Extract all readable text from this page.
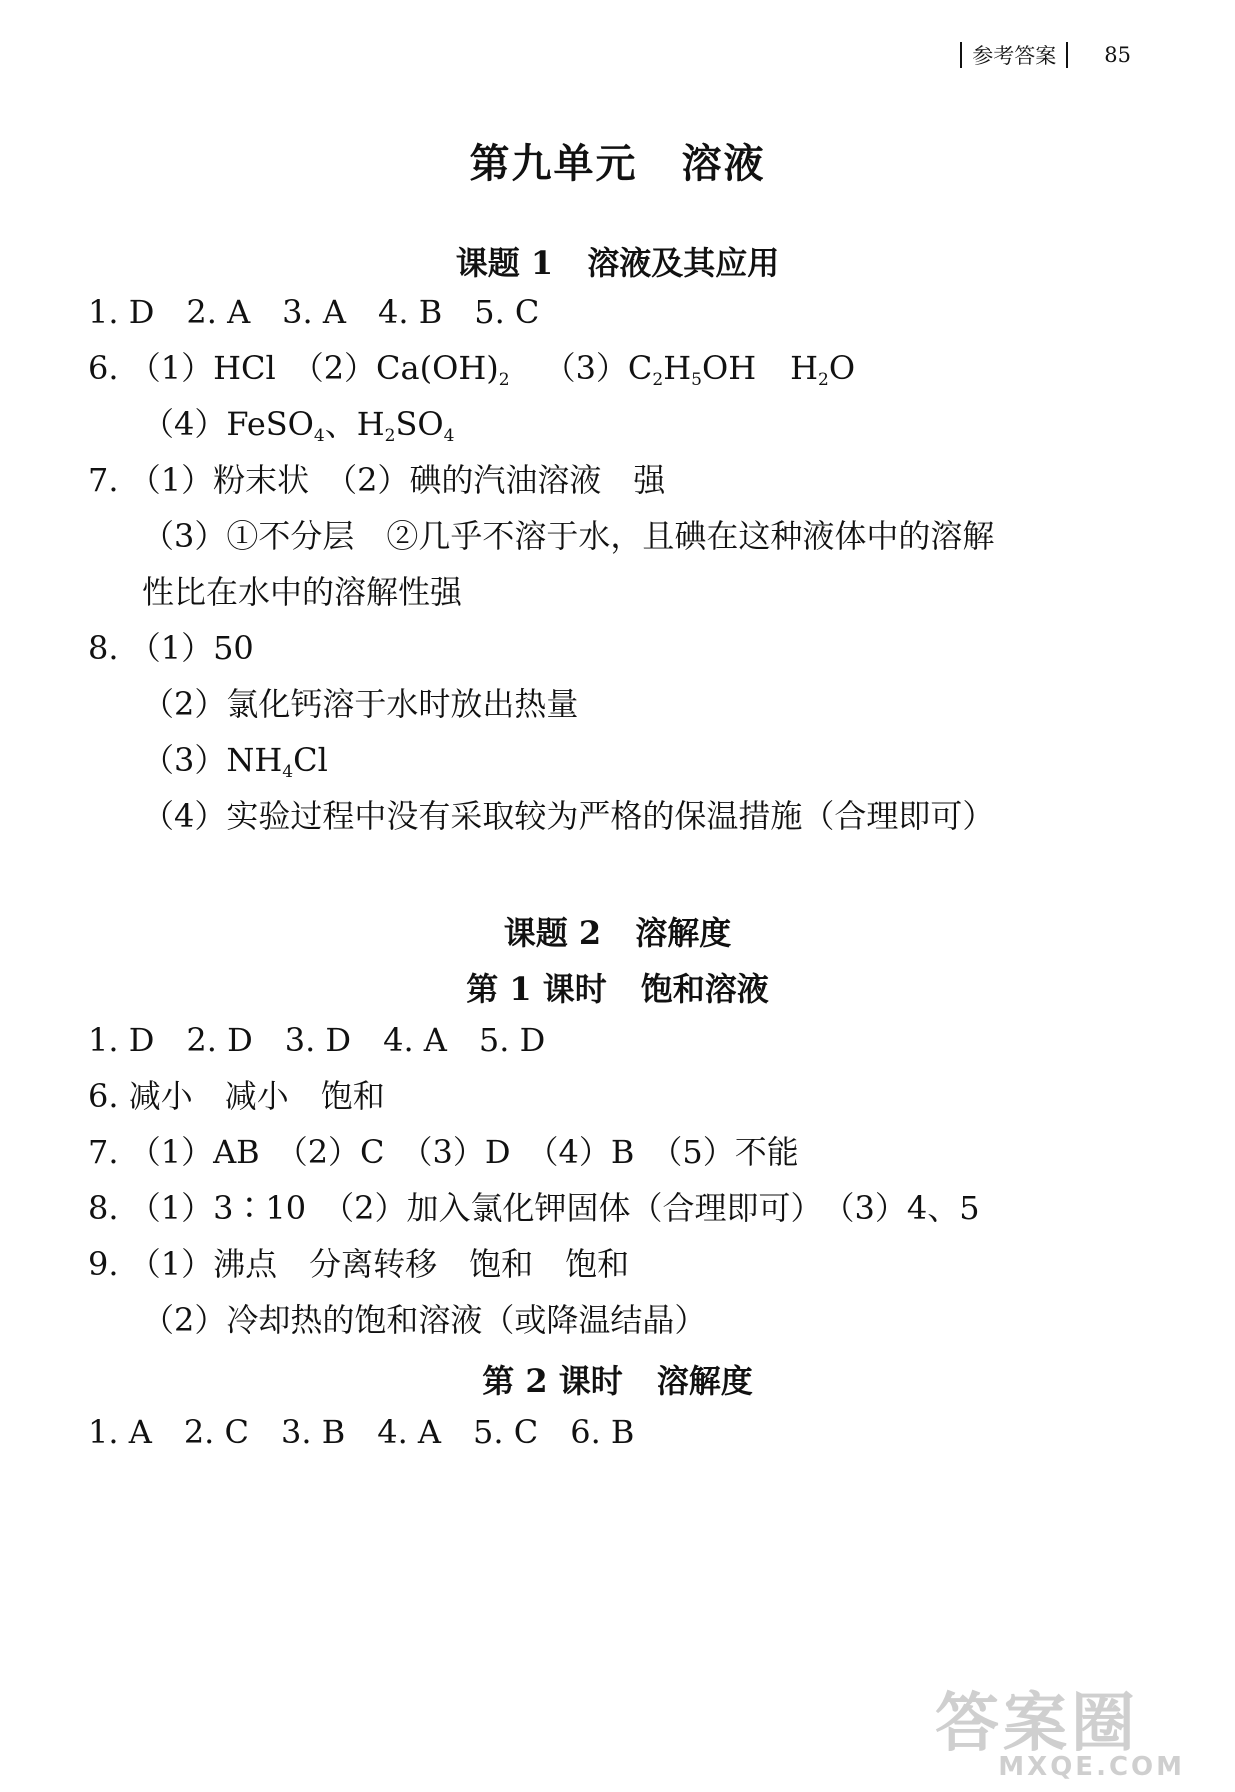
参考答案 85
第九单元 溶液
课题 1 溶液及其应用
1. D　2. A　3. A　4. B　5. C
6. （1）HCl　$(2)Ca(OH)_2$ $(3)C_2H_5OH$ $H_2O$
（4）FeSO$_4$、$H_2SO_4$
7. （1）粉末状　（2）碘的汽油溶液　强
（3）①不分层　②几乎不溶于水，且碘在这种液体中的溶解
性比在水中的溶解性强
8. （1）50
（2）氯化钙溶于水时放出热量
$(3)NH_4Cl$
（4）实验过程中没有采取较为严格的保温措施（合理即可）
课题 2 溶解度
第 1 课时 饱和溶液
1. D　2. D　3. D　4. A　5. D
6. 减小　减小　饱和
7. （1）AB　（2）C　（3）D　（4）B　（5）不能
8. （1）3∶10　（2）加入氯化钾固体（合理即可）　（3）4、5
9. （1）沸点　分离转移　饱和　饱和
（2）冷却热的饱和溶液（或降温结晶）
第 2 课时 溶解度
1. A　2. C　3. B　4. A　5. C　6. B
答案圈
MXQE.COM
